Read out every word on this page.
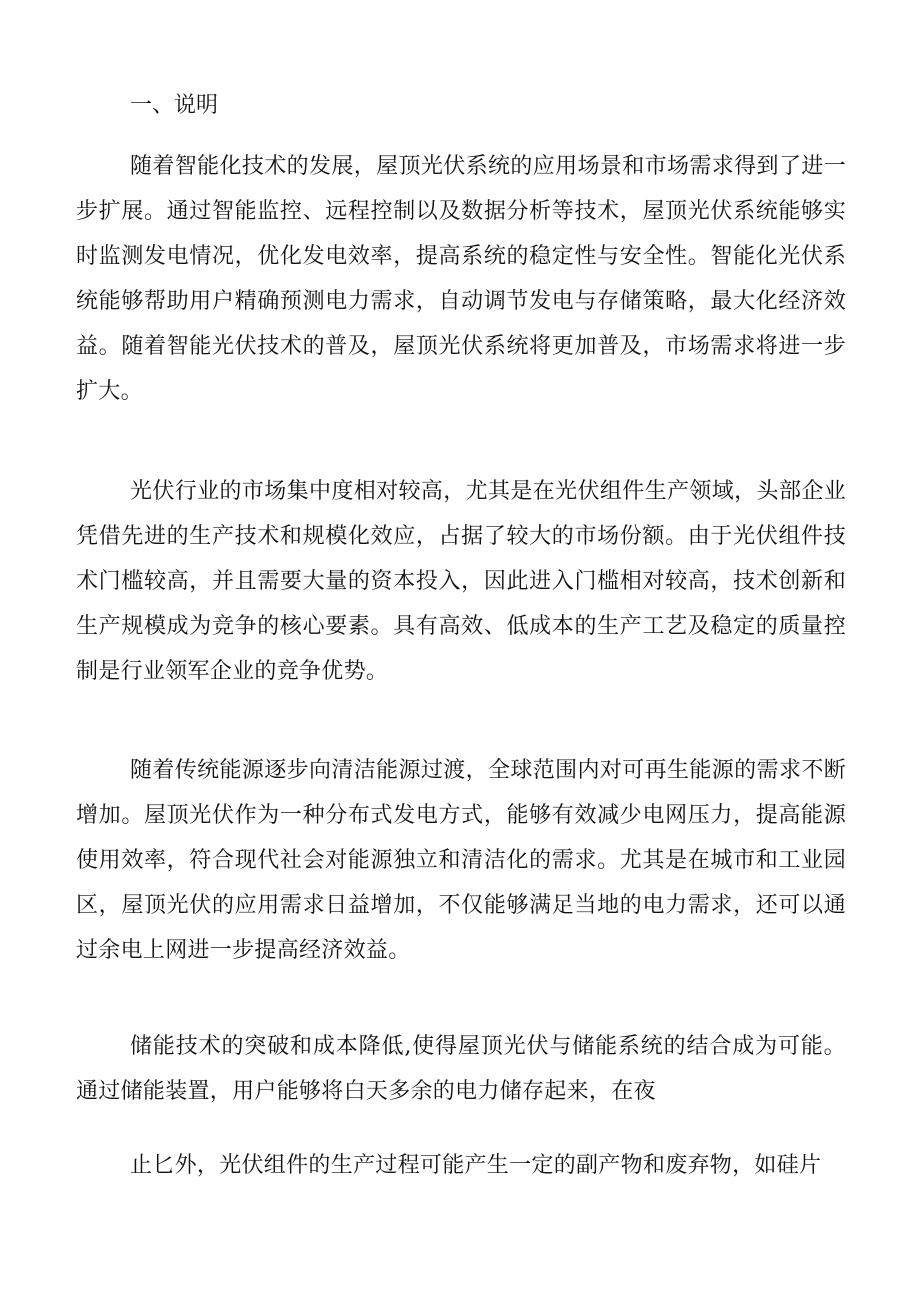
一、说明

随着智能化技术的发展，屋顶光伏系统的应用场景和市场需求得到了进一步扩展。通过智能监控、远程控制以及数据分析等技术，屋顶光伏系统能够实时监测发电情况，优化发电效率，提高系统的稳定性与安全性。智能化光伏系统能够帮助用户精确预测电力需求，自动调节发电与存储策略，最大化经济效益。随着智能光伏技术的普及，屋顶光伏系统将更加普及，市场需求将进一步扩大。

光伏行业的市场集中度相对较高，尤其是在光伏组件生产领域，头部企业凭借先进的生产技术和规模化效应，占据了较大的市场份额。由于光伏组件技术门槛较高，并且需要大量的资本投入，因此进入门槛相对较高，技术创新和生产规模成为竞争的核心要素。具有高效、低成本的生产工艺及稳定的质量控制是行业领军企业的竞争优势。

随着传统能源逐步向清洁能源过渡，全球范围内对可再生能源的需求不断增加。屋顶光伏作为一种分布式发电方式，能够有效减少电网压力，提高能源使用效率，符合现代社会对能源独立和清洁化的需求。尤其是在城市和工业园区，屋顶光伏的应用需求日益增加，不仅能够满足当地的电力需求，还可以通过余电上网进一步提高经济效益。

储能技术的突破和成本降低,使得屋顶光伏与储能系统的结合成为可能。通过储能装置，用户能够将白天多余的电力储存起来，在夜

止匕外，光伏组件的生产过程可能产生一定的副产物和废弃物，如硅片
